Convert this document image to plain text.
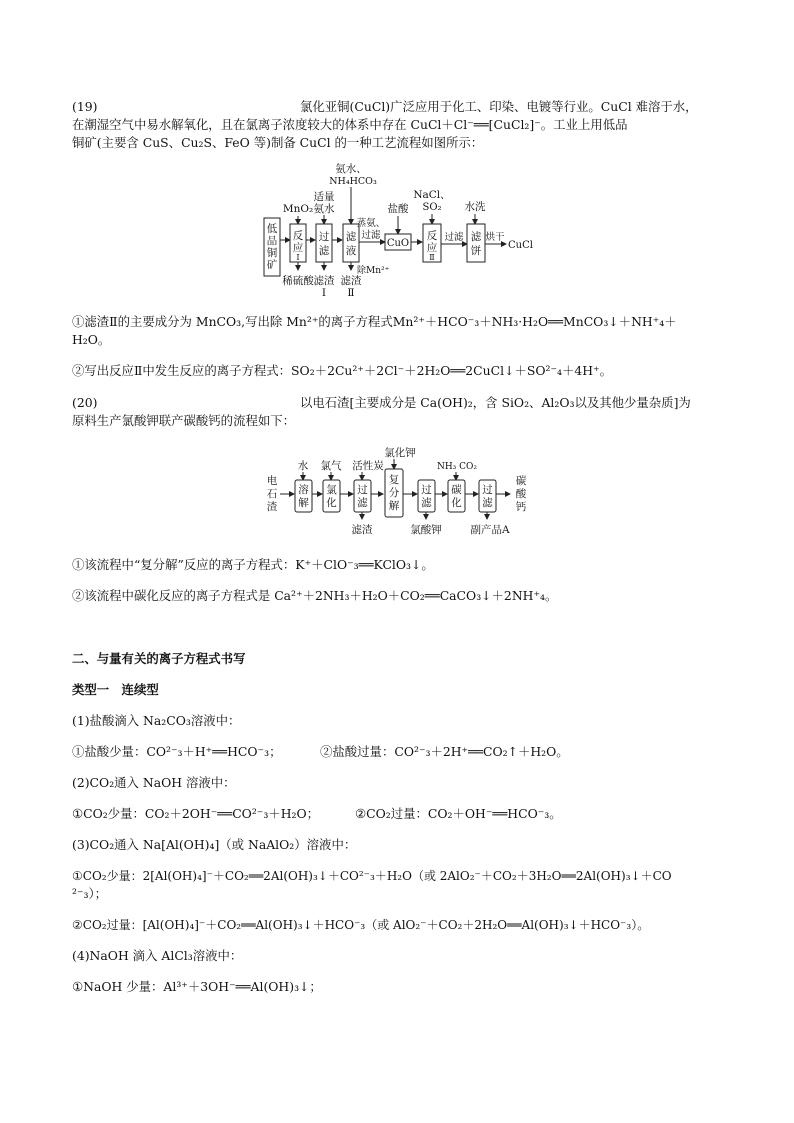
(19)	氯化亚铜(CuCl)广泛应用于化工、印染、电镀等行业。CuCl 难溶于水，
在潮湿空气中易水解氧化，且在氯离子浓度较大的体系中存在 CuCl＋Cl⁻══[CuCl₂]⁻。工业上用低品
铜矿(主要含 CuS、Cu₂S、FeO 等)制备 CuCl 的一种工艺流程如图所示：
低品铜矿
MnO₂
反应 Ⅰ
稀硫酸
适量氨水
过滤
滤渣
Ⅰ
氨水、
NH₄HCO₃
滤液
滤渣
Ⅱ
除Mn²⁺
蒸氨、过滤
盐酸
CuO
NaCl、
SO₂
反应 Ⅱ
过滤
水洗
滤饼
烘干
CuCl
①滤渣Ⅱ的主要成分为 MnCO₃,写出除 Mn²⁺的离子方程式Mn²⁺＋HCO⁻₃＋NH₃·H₂O══MnCO₃↓＋NH⁺₄＋
H₂O。
②写出反应Ⅱ中发生反应的离子方程式：SO₂＋2Cu²⁺＋2Cl⁻＋2H₂O══2CuCl↓＋SO²⁻₄＋4H⁺。
(20)	以电石渣[主要成分是 Ca(OH)₂，含 SiO₂、Al₂O₃以及其他少量杂质]为
原料生产氯酸钾联产碳酸钙的流程如下：
电石渣
水
溶解
氯气
氯化
活性炭
过滤
滤渣
氯化钾
复分解
过滤
氯酸钾
NH₃ CO₂
碳化
过滤
副产品A
碳酸钙
①该流程中“复分解”反应的离子方程式：K⁺＋ClO⁻₃══KClO₃↓。
②该流程中碳化反应的离子方程式是 Ca²⁺＋2NH₃＋H₂O＋CO₂══CaCO₃↓＋2NH⁺₄。
二、与量有关的离子方程式书写
类型一　连续型
(1)盐酸滴入 Na₂CO₃溶液中：
①盐酸少量：CO²⁻₃＋H⁺══HCO⁻₃；	②盐酸过量：CO²⁻₃＋2H⁺══CO₂↑＋H₂O。
(2)CO₂通入 NaOH 溶液中：
①CO₂少量：CO₂＋2OH⁻══CO²⁻₃＋H₂O；	②CO₂过量：CO₂＋OH⁻══HCO⁻₃。
(3)CO₂通入 Na[Al(OH)₄]（或 NaAlO₂）溶液中：
①CO₂少量：2[Al(OH)₄]⁻＋CO₂══2Al(OH)₃↓＋CO²⁻₃＋H₂O（或 2AlO₂⁻＋CO₂＋3H₂O══2Al(OH)₃↓＋CO
²⁻₃）；
②CO₂过量：[Al(OH)₄]⁻＋CO₂══Al(OH)₃↓＋HCO⁻₃（或 AlO₂⁻＋CO₂＋2H₂O══Al(OH)₃↓＋HCO⁻₃）。
(4)NaOH 滴入 AlCl₃溶液中：
①NaOH 少量：Al³⁺＋3OH⁻══Al(OH)₃↓；
